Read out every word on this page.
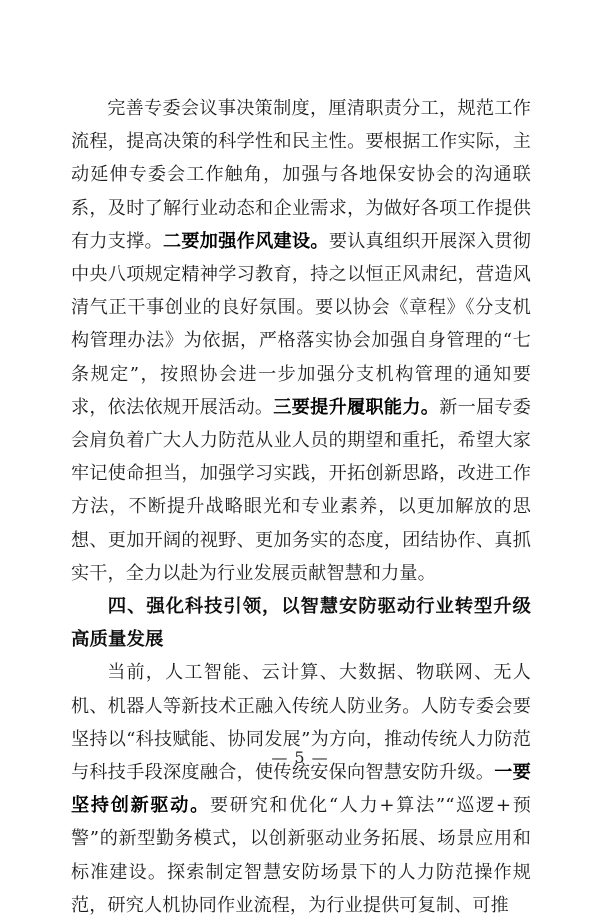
完善专委会议事决策制度，厘清职责分工，规范工作流程，提高决策的科学性和民主性。要根据工作实际，主动延伸专委会工作触角，加强与各地保安协会的沟通联系，及时了解行业动态和企业需求，为做好各项工作提供有力支撑。二要加强作风建设。要认真组织开展深入贯彻中央八项规定精神学习教育，持之以恒正风肃纪，营造风清气正干事创业的良好氛围。要以协会《章程》《分支机构管理办法》为依据，严格落实协会加强自身管理的“七条规定”，按照协会进一步加强分支机构管理的通知要求，依法依规开展活动。三要提升履职能力。新一届专委会肩负着广大人力防范从业人员的期望和重托，希望大家牢记使命担当，加强学习实践，开拓创新思路，改进工作方法，不断提升战略眼光和专业素养，以更加解放的思想、更加开阔的视野、更加务实的态度，团结协作、真抓实干，全力以赴为行业发展贡献智慧和力量。

四、强化科技引领，以智慧安防驱动行业转型升级高质量发展

当前，人工智能、云计算、大数据、物联网、无人机、机器人等新技术正融入传统人防业务。人防专委会要坚持以“科技赋能、协同发展”为方向，推动传统人力防范与科技手段深度融合，使传统安保向智慧安防升级。一要坚持创新驱动。要研究和优化“人力+算法”“巡逻+预警”的新型勤务模式，以创新驱动业务拓展、场景应用和标准建设。探索制定智慧安防场景下的人力防范操作规范，研究人机协同作业流程，为行业提供可复制、可推

— 5 —
